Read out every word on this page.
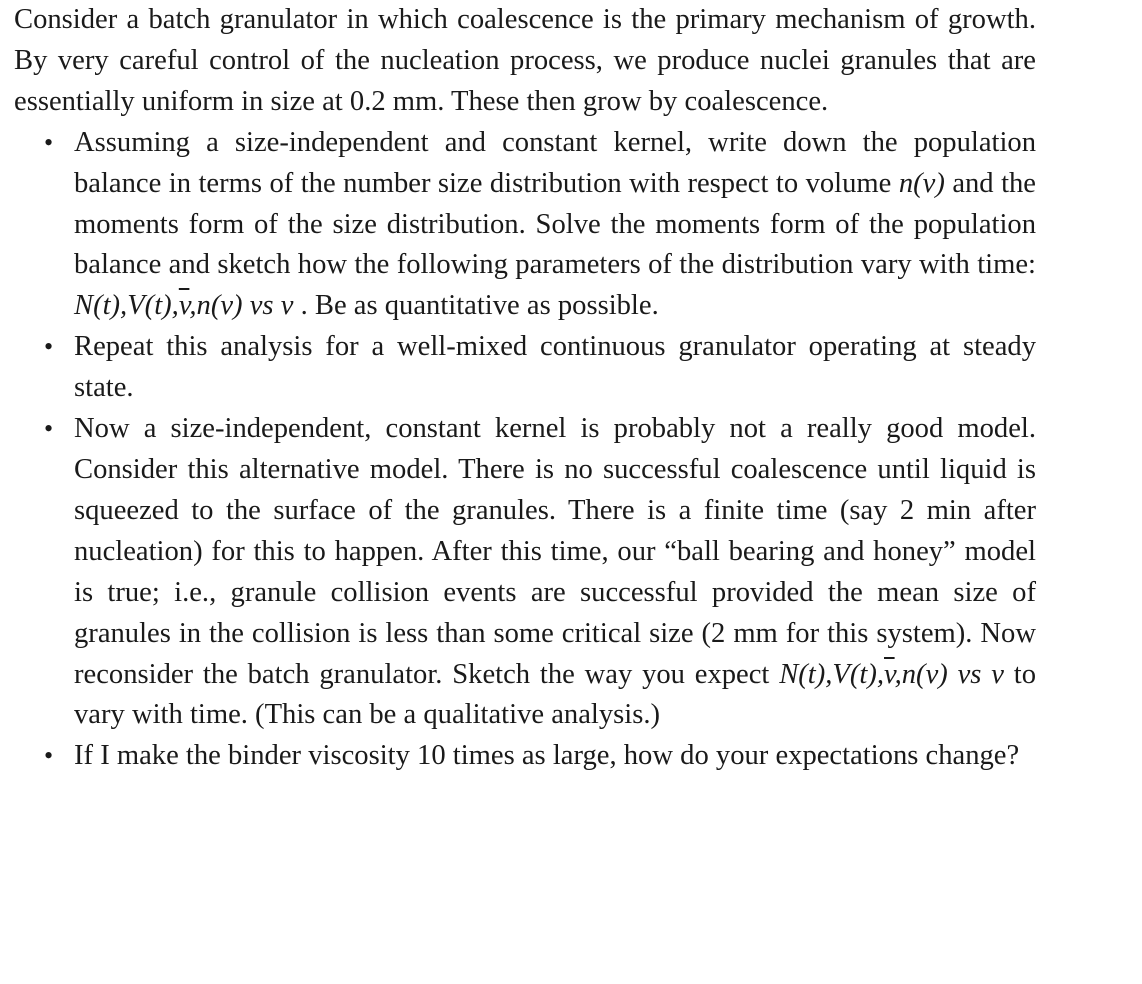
Consider a batch granulator in which coalescence is the primary mechanism of growth. By very careful control of the nucleation process, we produce nuclei granules that are essentially uniform in size at 0.2 mm. These then grow by coalescence.

• Assuming a size-independent and constant kernel, write down the population balance in terms of the number size distribution with respect to volume n(v) and the moments form of the size distribution. Solve the moments form of the population balance and sketch how the following parameters of the distribution vary with time: $N(t),V(t),\overline{v},n(v)$ vs v . Be as quantitative as possible.
• Repeat this analysis for a well-mixed continuous granulator operating at steady state.
• Now a size-independent, constant kernel is probably not a really good model. Consider this alternative model. There is no successful coalescence until liquid is squeezed to the surface of the granules. There is a finite time (say 2 min after nucleation) for this to happen. After this time, our “ball bearing and honey” model is true; i.e., granule collision events are successful provided the mean size of granules in the collision is less than some critical size (2 mm for this system). Now reconsider the batch granulator. Sketch the way you expect $N(t),V(t),\overline{v},n(v)$ vs v to vary with time. (This can be a qualitative analysis.)
• If I make the binder viscosity 10 times as large, how do your expectations change?
